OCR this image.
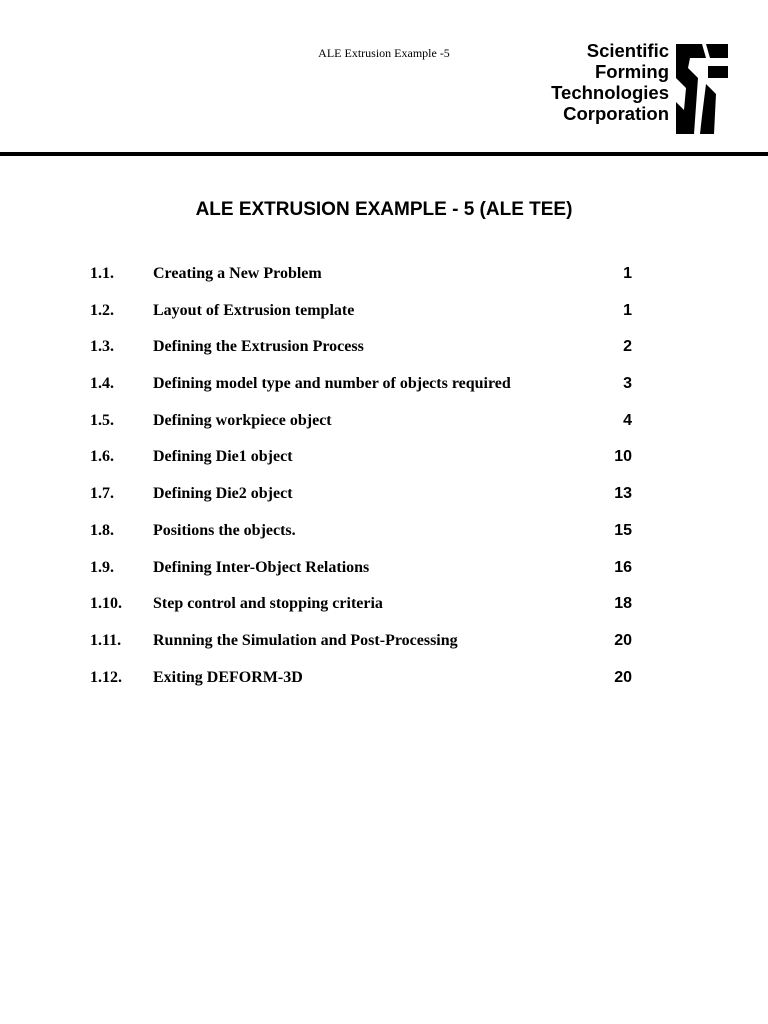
ALE Extrusion Example -5	Scientific
Forming
Technologies
Corporation
ALE EXTRUSION EXAMPLE - 5 (ALE TEE)
1.1. Creating a New Problem	1
1.2. Layout of Extrusion template	1
1.3. Defining the Extrusion Process	2
1.4. Defining model type and number of objects required	3
1.5. Defining workpiece object	4
1.6. Defining Die1 object	10
1.7. Defining Die2 object	13
1.8. Positions the objects.	15
1.9. Defining Inter-Object Relations	16
1.10. Step control and stopping criteria	18
1.11. Running the Simulation and Post-Processing	20
1.12. Exiting DEFORM-3D	20
